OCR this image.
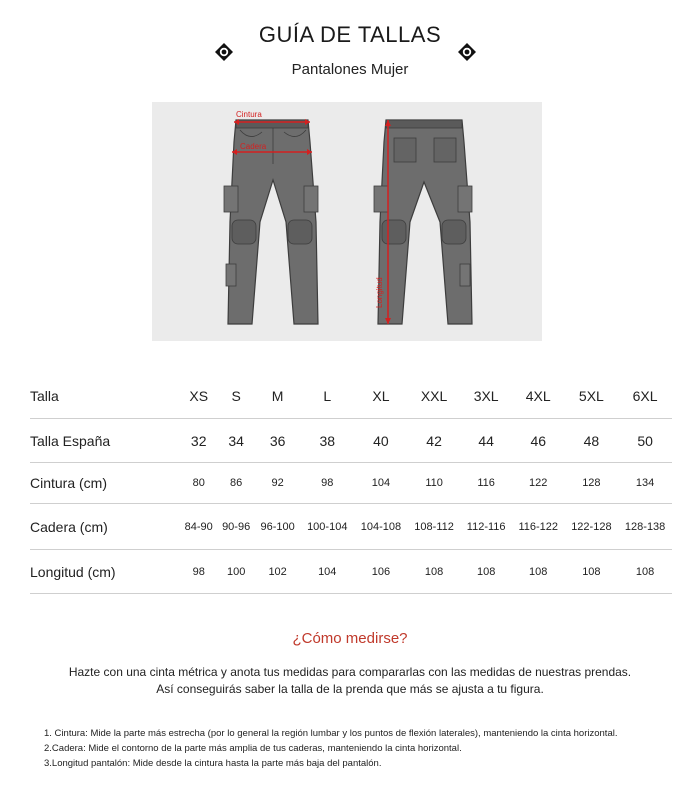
GUÍA DE TALLAS
Pantalones Mujer
Cintura
Cadera
Longitud
Talla	XS	S	M	L	XL	XXL	3XL	4XL	5XL	6XL
Talla España	32	34	36	38	40	42	44	46	48	50
Cintura (cm)	80	86	92	98	104	110	116	122	128	134
Cadera (cm)	84-90	90-96	96-100	100-104	104-108	108-112	112-116	116-122	122-128	128-138
Longitud (cm)	98	100	102	104	106	108	108	108	108	108
¿Cómo medirse?
Hazte con una cinta métrica y anota tus medidas para compararlas con las medidas de nuestras prendas.
Así conseguirás saber la talla de la prenda que más se ajusta a tu figura.
1. Cintura: Mide la parte más estrecha (por lo general la región lumbar y los puntos de flexión laterales), manteniendo la cinta horizontal.
2.Cadera: Mide el contorno de la parte más amplia de tus caderas, manteniendo la cinta horizontal.
3.Longitud pantalón: Mide desde la cintura hasta la parte más baja del pantalón.
